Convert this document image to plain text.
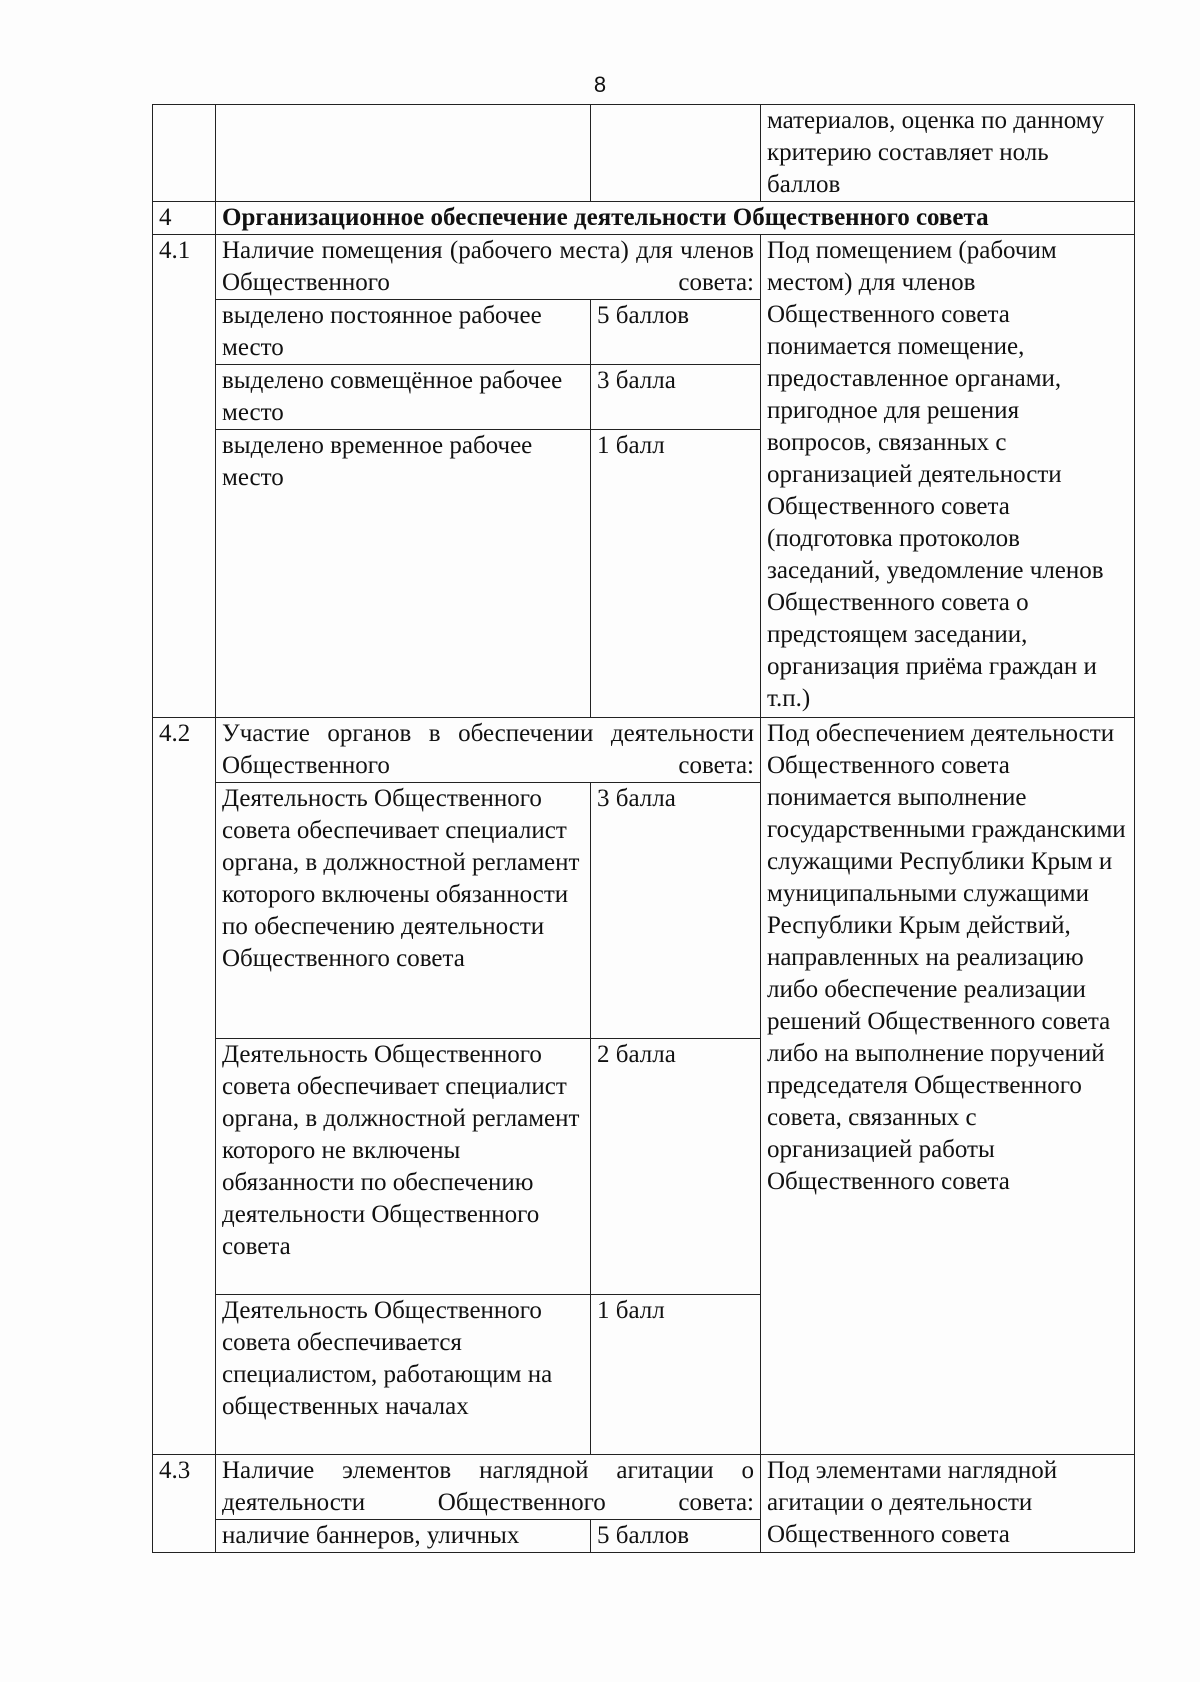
8
			материалов, оценка по данному критерию составляет ноль баллов
4	Организационное обеспечение деятельности Общественного совета		
4.1	Наличие помещения (рабочего места) для членов Общественного совета:		Под помещением (рабочим местом) для членов Общественного совета понимается помещение, предоставленное органами, пригодное для решения вопросов, связанных с организацией деятельности Общественного совета (подготовка протоколов заседаний, уведомление членов Общественного совета о предстоящем заседании, организация приёма граждан и т.п.)
	выделено постоянное рабочее место	5 баллов	
	выделено совмещённое рабочее место	3 балла	
	выделено временное рабочее место	1 балл	
4.2	Участие органов в обеспечении деятельности Общественного совета:		Под обеспечением деятельности Общественного совета понимается выполнение государственными гражданскими служащими Республики Крым и муниципальными служащими Республики Крым действий, направленных на реализацию либо обеспечение реализации решений Общественного совета либо на выполнение поручений председателя Общественного совета, связанных с организацией работы Общественного совета
	Деятельность Общественного совета обеспечивает специалист органа, в должностной регламент которого включены обязанности по обеспечению деятельности Общественного совета	3 балла	
	Деятельность Общественного совета обеспечивает специалист органа, в должностной регламент которого не включены обязанности по обеспечению деятельности Общественного совета	2 балла	
	Деятельность Общественного совета обеспечивается специалистом, работающим на общественных началах	1 балл	
4.3	Наличие элементов наглядной агитации о деятельности Общественного совета:		Под элементами наглядной агитации о деятельности Общественного совета
	наличие баннеров, уличных	5 баллов	
